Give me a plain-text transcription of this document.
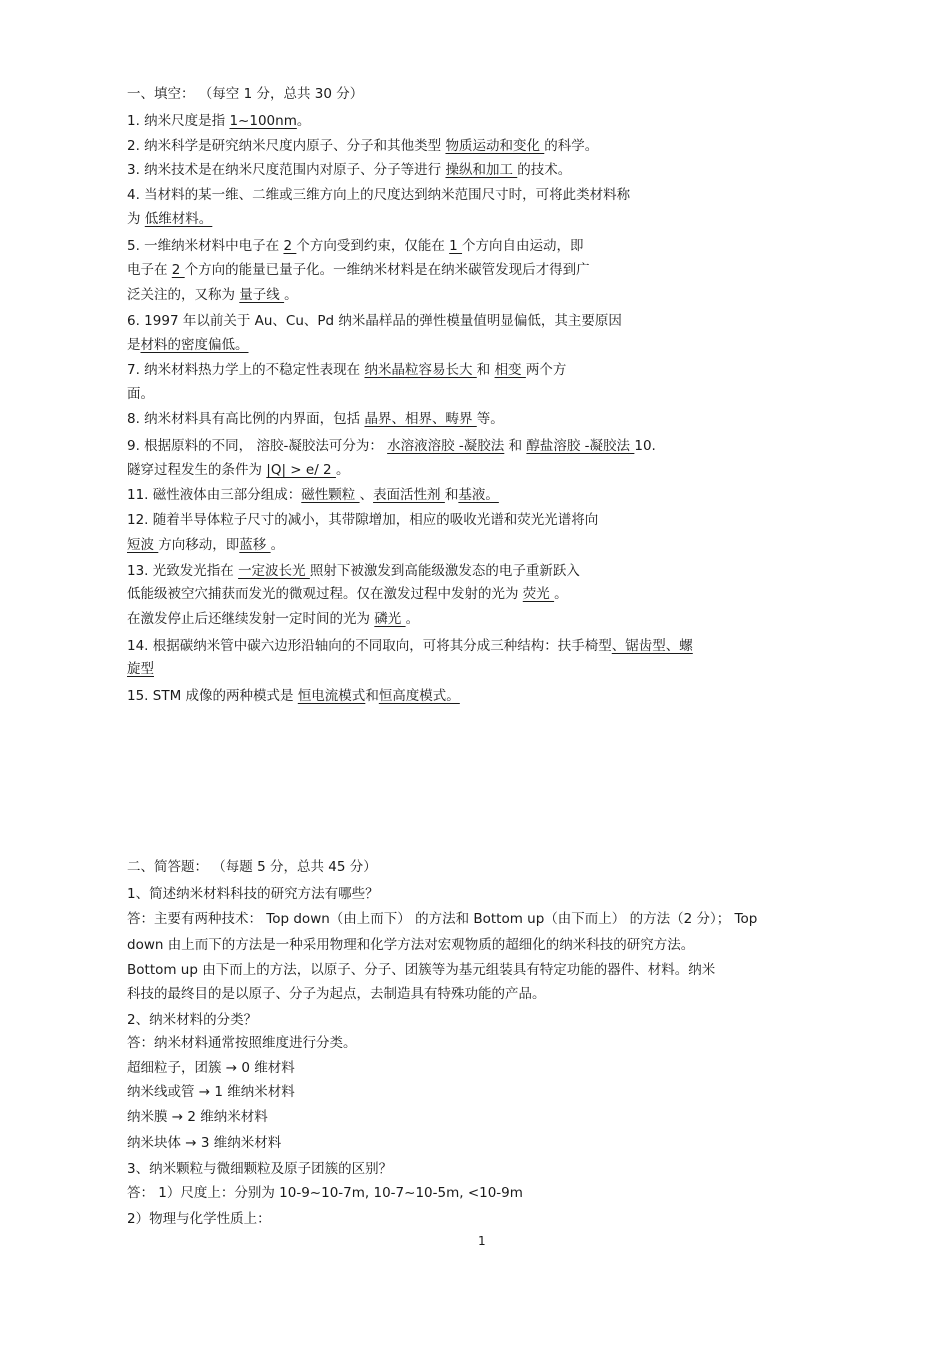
一、填空： （每空 1 分，总共 30 分）
1. 纳米尺度是指 1~100nm。
2. 纳米科学是研究纳米尺度内原子、分子和其他类型 物质运动和变化 的科学。
3. 纳米技术是在纳米尺度范围内对原子、分子等进行 操纵和加工 的技术。
4. 当材料的某一维、二维或三维方向上的尺度达到纳米范围尺寸时，可将此类材料称
为 低维材料。
5. 一维纳米材料中电子在 2 个方向受到约束，仅能在 1 个方向自由运动，即
电子在 2 个方向的能量已量子化。一维纳米材料是在纳米碳管发现后才得到广
泛关注的，又称为 量子线 。
6. 1997 年以前关于 Au、Cu、Pd 纳米晶样品的弹性模量值明显偏低，其主要原因
是材料的密度偏低。
7. 纳米材料热力学上的不稳定性表现在 纳米晶粒容易长大 和 相变 两个方
面。
8. 纳米材料具有高比例的内界面，包括 晶界、相界、畴界 等。
9. 根据原料的不同， 溶胶-凝胶法可分为： 水溶液溶胶 -凝胶法 和 醇盐溶胶 -凝胶法 10.
隧穿过程发生的条件为 |Q| > e/ 2 。
11. 磁性液体由三部分组成：磁性颗粒 、表面活性剂 和基液。
12. 随着半导体粒子尺寸的减小，其带隙增加，相应的吸收光谱和荧光光谱将向
短波 方向移动，即蓝移 。
13. 光致发光指在 一定波长光 照射下被激发到高能级激发态的电子重新跃入
低能级被空穴捕获而发光的微观过程。仅在激发过程中发射的光为 荧光 。
在激发停止后还继续发射一定时间的光为 磷光 。
14. 根据碳纳米管中碳六边形沿轴向的不同取向，可将其分成三种结构：扶手椅型、锯齿型、螺
旋型
15. STM 成像的两种模式是 恒电流模式和恒高度模式。
二、简答题： （每题 5 分，总共 45 分）
1、简述纳米材料科技的研究方法有哪些？
答：主要有两种技术： Top down（由上而下） 的方法和 Bottom up（由下而上） 的方法（2 分）； Top
down 由上而下的方法是一种采用物理和化学方法对宏观物质的超细化的纳米科技的研究方法。
Bottom up 由下而上的方法，以原子、分子、团簇等为基元组装具有特定功能的器件、材料。纳米
科技的最终目的是以原子、分子为起点，去制造具有特殊功能的产品。
2、纳米材料的分类？
答：纳米材料通常按照维度进行分类。
超细粒子，团簇 → 0 维材料
纳米线或管 → 1 维纳米材料
纳米膜 → 2 维纳米材料
纳米块体 → 3 维纳米材料
3、纳米颗粒与微细颗粒及原子团簇的区别？
答： 1）尺度上：分别为 10-9~10-7m, 10-7~10-5m, <10-9m
2）物理与化学性质上：
1
